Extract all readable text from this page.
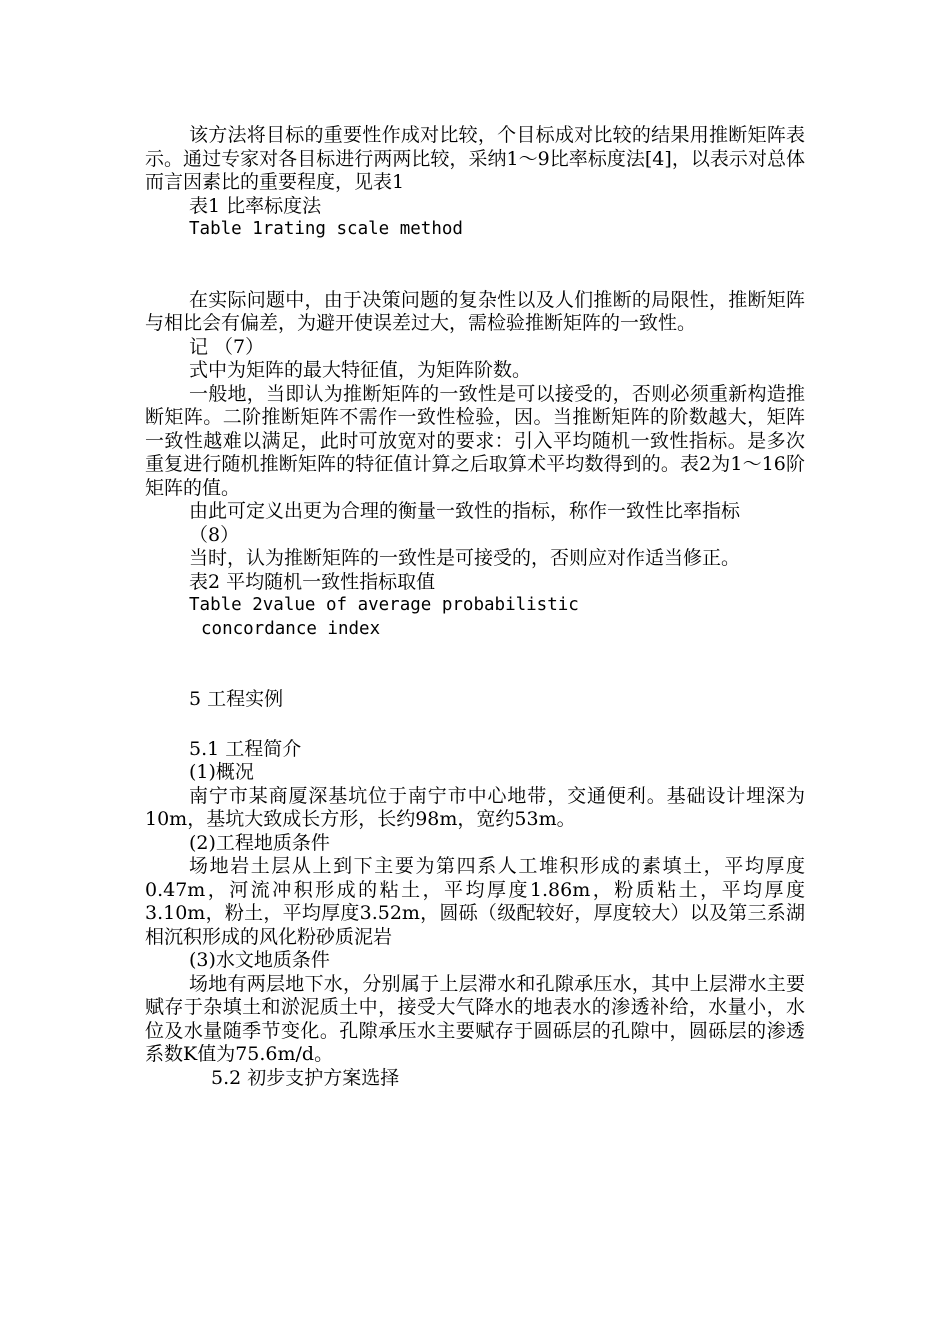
该方法将目标的重要性作成对比较，个目标成对比较的结果用推断矩阵表示。通过专家对各目标进行两两比较，采纳1～9比率标度法[4]，以表示对总体而言因素比的重要程度，见表1

表1 比率标度法

Table 1rating scale method

在实际问题中，由于决策问题的复杂性以及人们推断的局限性，推断矩阵与相比会有偏差，为避开使误差过大，需检验推断矩阵的一致性。

记 （7）

式中为矩阵的最大特征值，为矩阵阶数。

一般地，当即认为推断矩阵的一致性是可以接受的，否则必须重新构造推断矩阵。二阶推断矩阵不需作一致性检验，因。当推断矩阵的阶数越大，矩阵一致性越难以满足，此时可放宽对的要求：引入平均随机一致性指标。是多次重复进行随机推断矩阵的特征值计算之后取算术平均数得到的。表2为1～16阶矩阵的值。

由此可定义出更为合理的衡量一致性的指标，称作一致性比率指标

（8）

当时，认为推断矩阵的一致性是可接受的，否则应对作适当修正。

表2 平均随机一致性指标取值

Table 2value of average probabilistic

concordance index

5 工程实例

5.1 工程简介

(1)概况

南宁市某商厦深基坑位于南宁市中心地带，交通便利。基础设计埋深为10m，基坑大致成长方形，长约98m，宽约53m。

(2)工程地质条件

场地岩土层从上到下主要为第四系人工堆积形成的素填土，平均厚度0.47m，河流冲积形成的粘土，平均厚度1.86m，粉质粘土，平均厚度3.10m，粉土，平均厚度3.52m，圆砾（级配较好，厚度较大）以及第三系湖相沉积形成的风化粉砂质泥岩

(3)水文地质条件

场地有两层地下水，分别属于上层滞水和孔隙承压水，其中上层滞水主要赋存于杂填土和淤泥质土中，接受大气降水的地表水的渗透补给，水量小，水位及水量随季节变化。孔隙承压水主要赋存于圆砾层的孔隙中，圆砾层的渗透系数K值为75.6m/d。

5.2 初步支护方案选择
